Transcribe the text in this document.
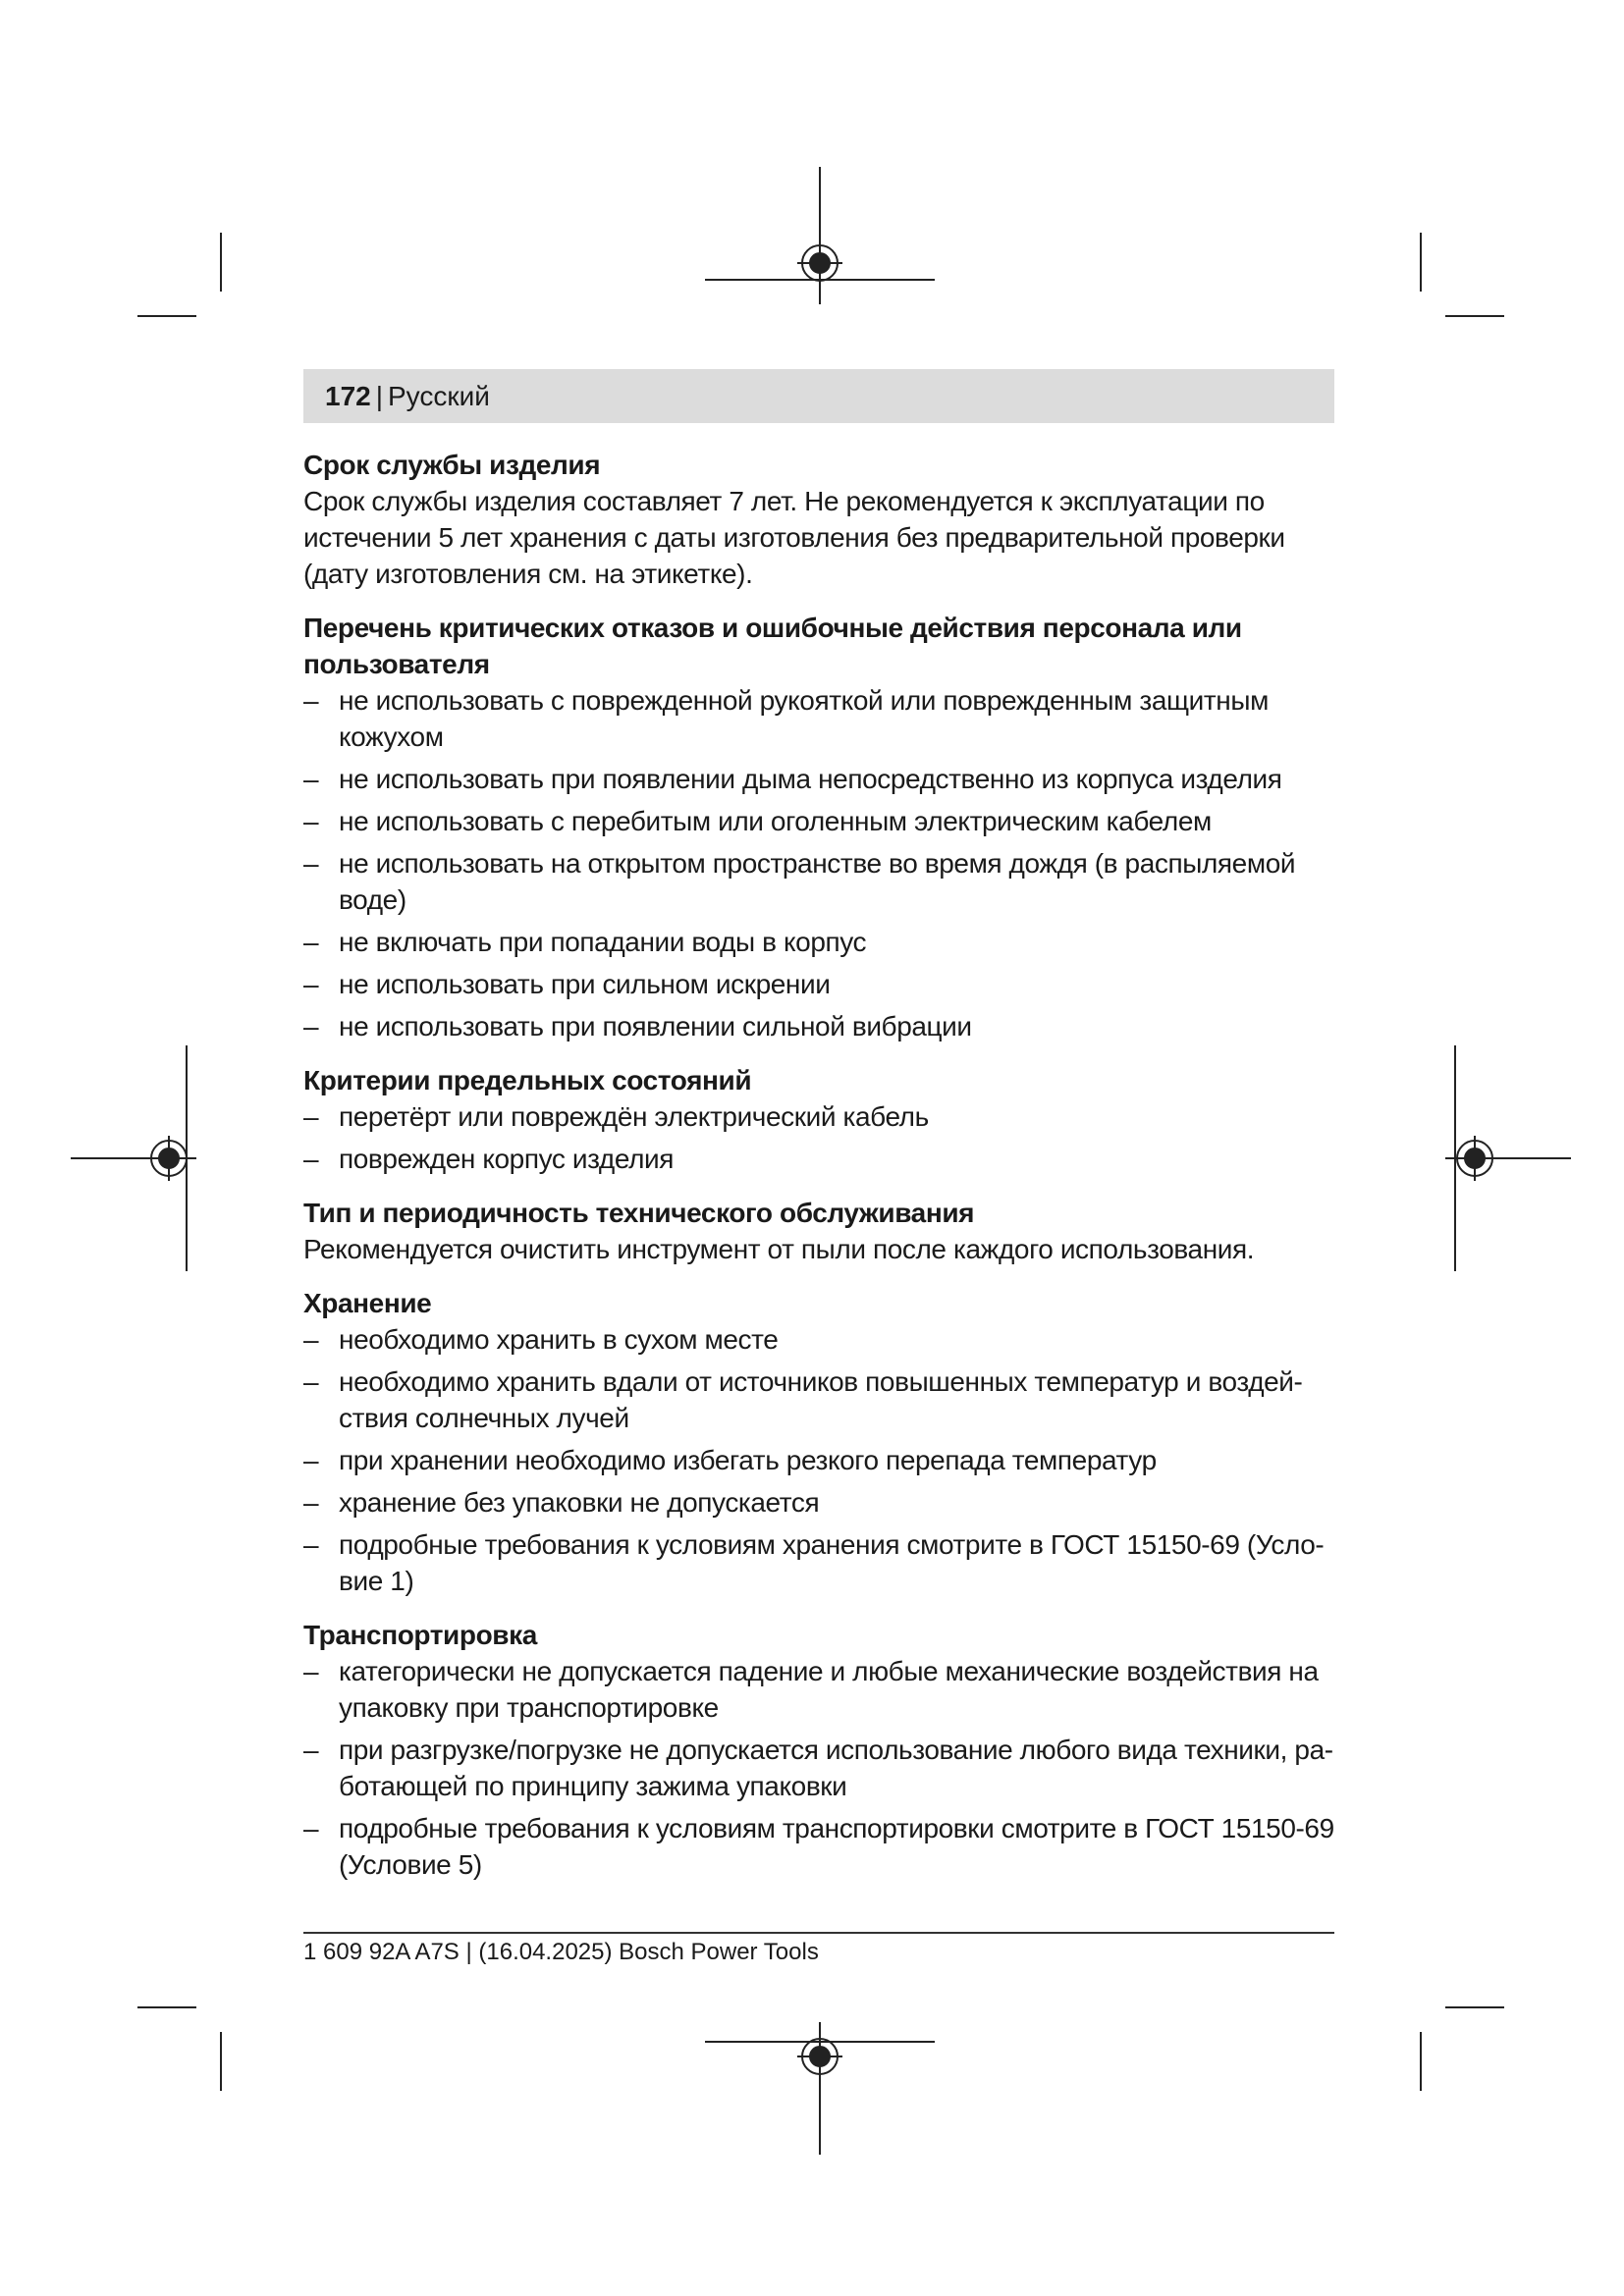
172 | Русский

Срок службы изделия

Срок службы изделия составляет 7 лет. Не рекомендуется к эксплуатации по истечении 5 лет хранения с даты изготовления без предварительной проверки (дату изготовления см. на этикетке).

Перечень критических отказов и ошибочные действия персонала или пользователя

– не использовать с поврежденной рукояткой или поврежденным защитным кожухом
– не использовать при появлении дыма непосредственно из корпуса изделия
– не использовать с перебитым или оголенным электрическим кабелем
– не использовать на открытом пространстве во время дождя (в распыляемой воде)
– не включать при попадании воды в корпус
– не использовать при сильном искрении
– не использовать при появлении сильной вибрации

Критерии предельных состояний

– перетёрт или повреждён электрический кабель
– поврежден корпус изделия

Тип и периодичность технического обслуживания

Рекомендуется очистить инструмент от пыли после каждого использования.

Хранение

– необходимо хранить в сухом месте
– необходимо хранить вдали от источников повышенных температур и воздействия солнечных лучей
– при хранении необходимо избегать резкого перепада температур
– хранение без упаковки не допускается
– подробные требования к условиям хранения смотрите в ГОСТ 15150-69 (Условие 1)

Транспортировка

– категорически не допускается падение и любые механические воздействия на упаковку при транспортировке
– при разгрузке/погрузке не допускается использование любого вида техники, работающей по принципу зажима упаковки
– подробные требования к условиям транспортировки смотрите в ГОСТ 15150-69 (Условие 5)
1 609 92A A7S | (16.04.2025) Bosch Power Tools
